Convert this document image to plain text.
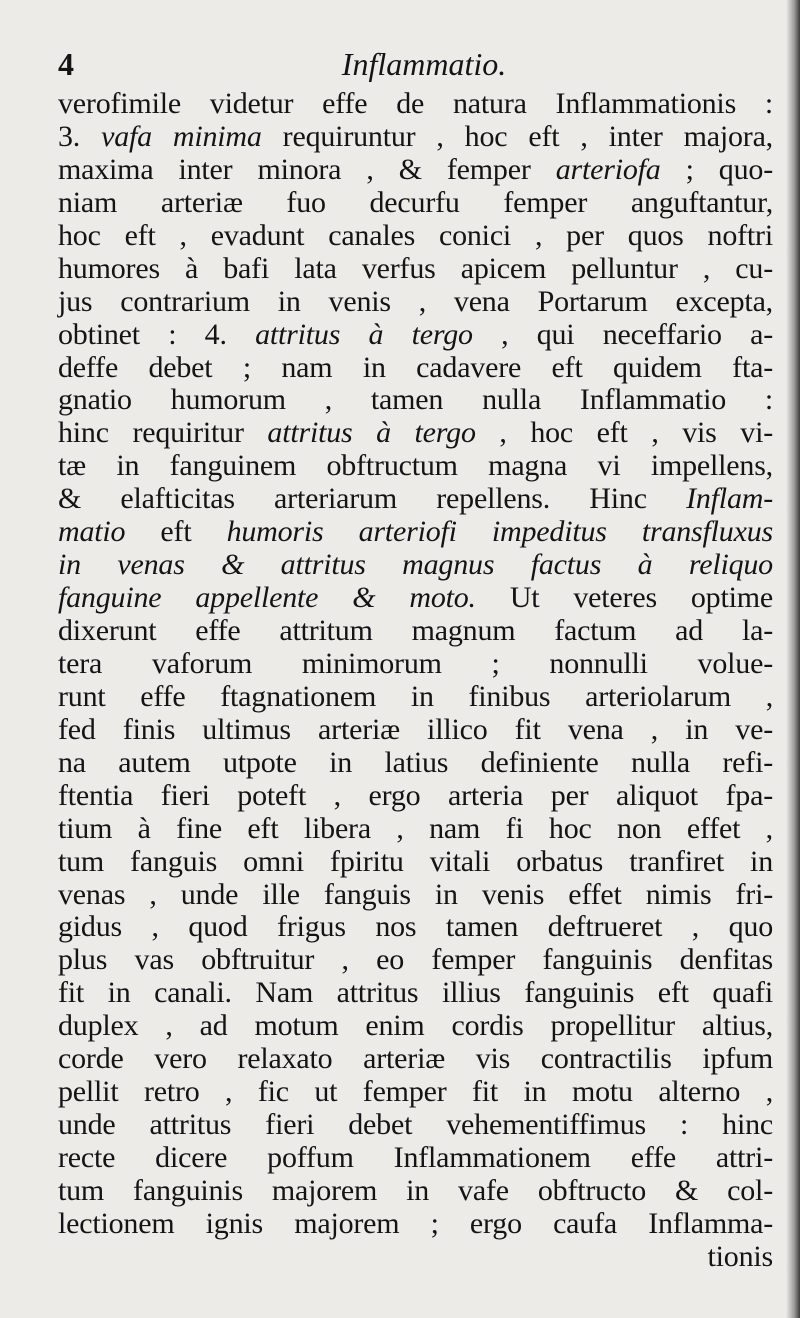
4	Inflammatio.
verofimile videtur effe de natura Inflammationis :
3. vafa minima requiruntur , hoc eft , inter majora,
maxima inter minora , & femper arteriofa ; quo-
niam arteriæ fuo decurfu femper anguftantur,
hoc eft , evadunt canales conici , per quos noftri
humores à bafi lata verfus apicem pelluntur , cu-
jus contrarium in venis , vena Portarum excepta,
obtinet : 4. attritus à tergo , qui neceffario a-
deffe debet ; nam in cadavere eft quidem fta-
gnatio humorum , tamen nulla Inflammatio :
hinc requiritur attritus à tergo , hoc eft , vis vi-
tæ in fanguinem obftructum magna vi impellens,
& elafticitas arteriarum repellens. Hinc Inflam-
matio eft humoris arteriofi impeditus transfluxus
in venas & attritus magnus factus à reliquo
fanguine appellente & moto. Ut veteres optime
dixerunt effe attritum magnum factum ad la-
tera vaforum minimorum ; nonnulli volue-
runt effe ftagnationem in finibus arteriolarum ,
fed finis ultimus arteriæ illico fit vena , in ve-
na autem utpote in latius definiente nulla refi-
ftentia fieri poteft , ergo arteria per aliquot fpa-
tium à fine eft libera , nam fi hoc non effet ,
tum fanguis omni fpiritu vitali orbatus tranfiret in
venas , unde ille fanguis in venis effet nimis fri-
gidus , quod frigus nos tamen deftrueret , quo
plus vas obftruitur , eo femper fanguinis denfitas
fit in canali. Nam attritus illius fanguinis eft quafi
duplex , ad motum enim cordis propellitur altius,
corde vero relaxato arteriæ vis contractilis ipfum
pellit retro , fic ut femper fit in motu alterno ,
unde attritus fieri debet vehementiffimus : hinc
recte dicere poffum Inflammationem effe attri-
tum fanguinis majorem in vafe obftructo & col-
lectionem ignis majorem ; ergo caufa Inflamma-
tionis
